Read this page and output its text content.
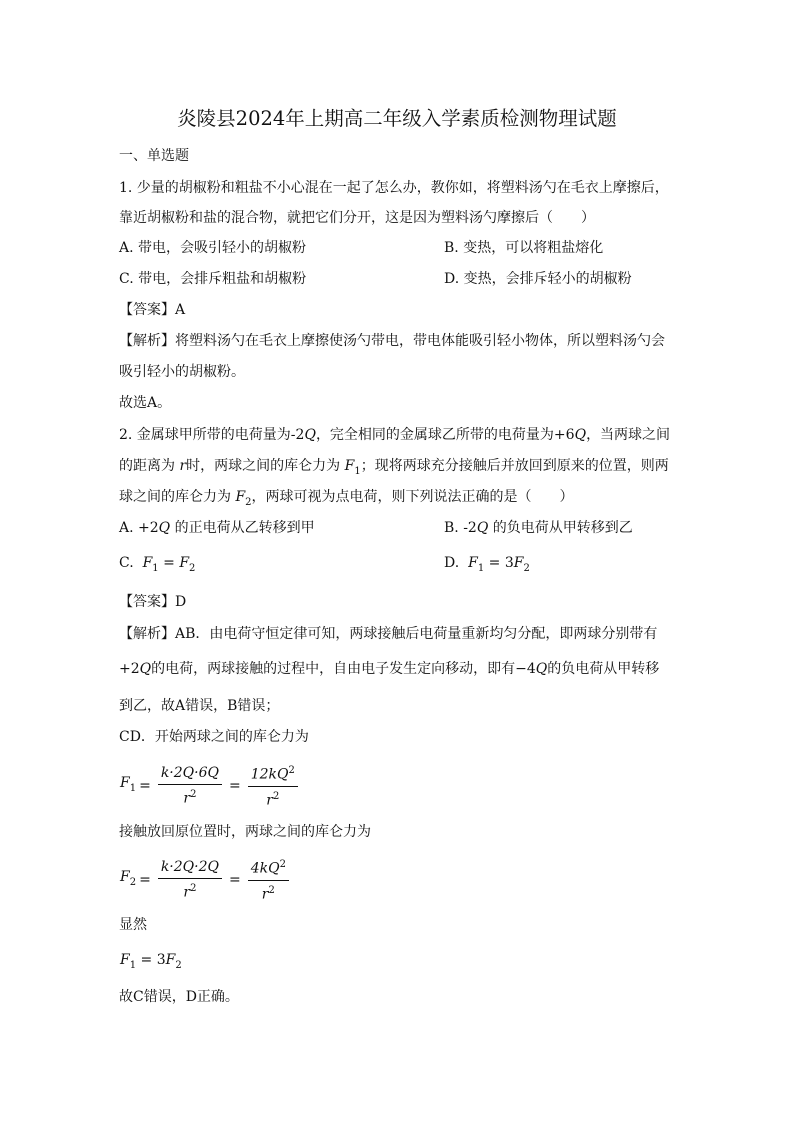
炎陵县2024年上期高二年级入学素质检测物理试题
一、单选题
1. 少量的胡椒粉和粗盐不小心混在一起了怎么办，教你如，将塑料汤勺在毛衣上摩擦后，
靠近胡椒粉和盐的混合物，就把它们分开，这是因为塑料汤勺摩擦后（　　）
A. 带电，会吸引轻小的胡椒粉	B. 变热，可以将粗盐熔化
C. 带电，会排斥粗盐和胡椒粉	D. 变热，会排斥轻小的胡椒粉
【答案】A
【解析】将塑料汤勺在毛衣上摩擦使汤勺带电，带电体能吸引轻小物体，所以塑料汤勺会
吸引轻小的胡椒粉。
故选A。
2. 金属球甲所带的电荷量为-2Q，完全相同的金属球乙所带的电荷量为+6Q，当两球之间
的距离为 r时，两球之间的库仑力为 $F_1$；现将两球充分接触后并放回到原来的位置，则两
球之间的库仑力为 $F_2$，两球可视为点电荷，则下列说法正确的是（　　）
A. +2Q 的正电荷从乙转移到甲	B. -2Q 的负电荷从甲转移到乙
C. $F_1 = F_2$	D. $F_1 = 3F_2$
【答案】D
【解析】AB．由电荷守恒定律可知，两球接触后电荷量重新均匀分配，即两球分别带有
+2Q的电荷，两球接触的过程中，自由电子发生定向移动，即有−4Q的负电荷从甲转移
到乙，故A错误，B错误；
CD．开始两球之间的库仑力为
$F_1 = \frac{k\cdot 2Q\cdot 6Q}{r^2} = \frac{12kQ^2}{r^2}$
接触放回原位置时，两球之间的库仑力为
$F_2 = \frac{k\cdot 2Q\cdot 2Q}{r^2} = \frac{4kQ^2}{r^2}$
显然
$F_1 = 3F_2$
故C错误，D正确。
